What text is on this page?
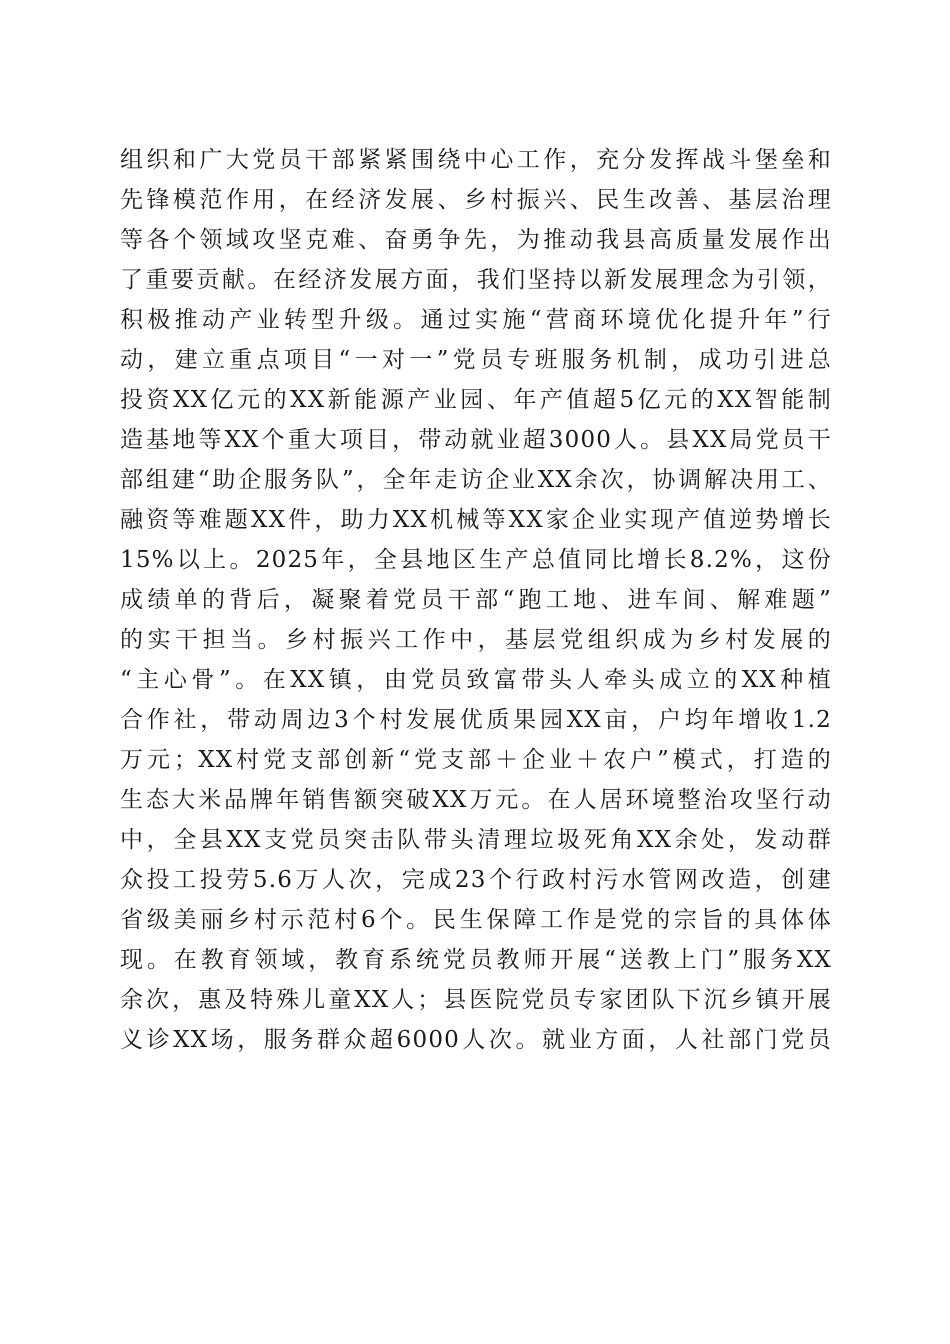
组织和广大党员干部紧紧围绕中心工作，充分发挥战斗堡垒和
先锋模范作用，在经济发展、乡村振兴、民生改善、基层治理
等各个领域攻坚克难、奋勇争先，为推动我县高质量发展作出
了重要贡献。在经济发展方面，我们坚持以新发展理念为引领，
积极推动产业转型升级。通过实施“营商环境优化提升年”行
动，建立重点项目“一对一”党员专班服务机制，成功引进总
投资XX亿元的XX新能源产业园、年产值超5亿元的XX智能制
造基地等XX个重大项目，带动就业超3000人。县XX局党员干
部组建“助企服务队”，全年走访企业XX余次，协调解决用工、
融资等难题XX件，助力XX机械等XX家企业实现产值逆势增长
15%以上。2025年，全县地区生产总值同比增长8.2%，这份
成绩单的背后，凝聚着党员干部“跑工地、进车间、解难题”
的实干担当。乡村振兴工作中，基层党组织成为乡村发展的
“主心骨”。在XX镇，由党员致富带头人牵头成立的XX种植
合作社，带动周边3个村发展优质果园XX亩，户均年增收1.2
万元；XX村党支部创新“党支部＋企业＋农户”模式，打造的
生态大米品牌年销售额突破XX万元。在人居环境整治攻坚行动
中，全县XX支党员突击队带头清理垃圾死角XX余处，发动群
众投工投劳5.6万人次，完成23个行政村污水管网改造，创建
省级美丽乡村示范村6个。民生保障工作是党的宗旨的具体体
现。在教育领域，教育系统党员教师开展“送教上门”服务XX
余次，惠及特殊儿童XX人；县医院党员专家团队下沉乡镇开展
义诊XX场，服务群众超6000人次。就业方面，人社部门党员
